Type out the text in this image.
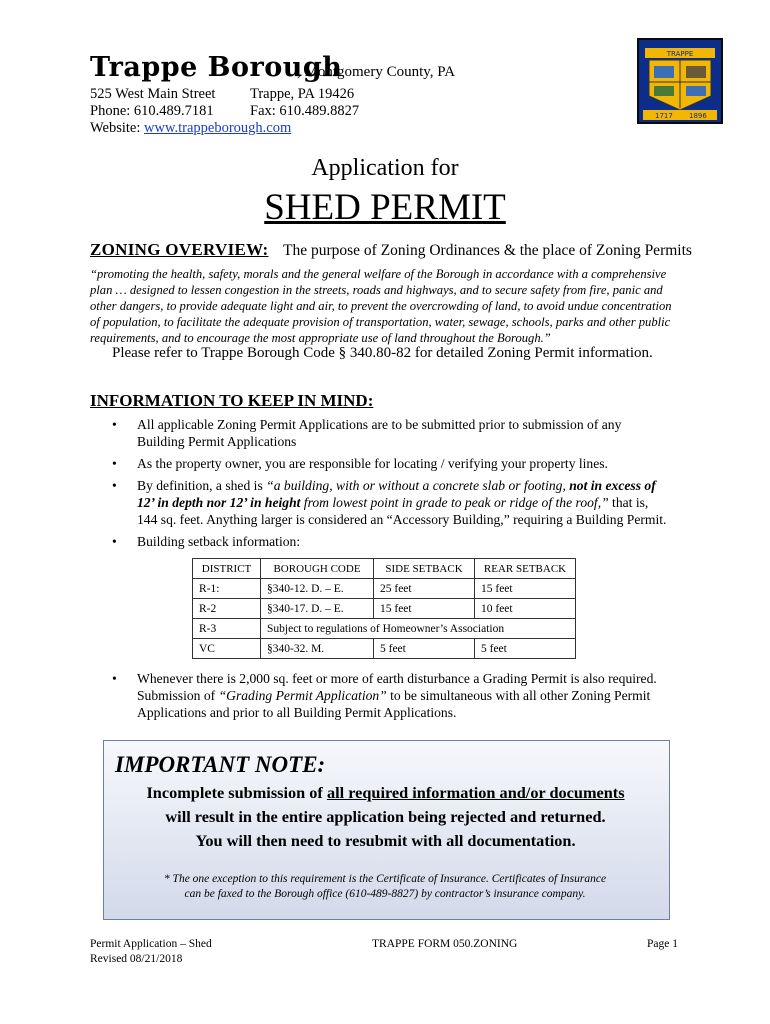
Trappe Borough
, Montgomery County, PA
525 West Main Street Trappe, PA 19426
Phone: 610.489.7181	Fax: 610.489.8827
Website: www.trappeborough.com
TRAPPE
1717 1896
Application for
SHED PERMIT
ZONING OVERVIEW: The purpose of Zoning Ordinances & the place of Zoning Permits
“promoting the health, safety, morals and the general welfare of the Borough in accordance with a comprehensive
plan … designed to lessen congestion in the streets, roads and highways, and to secure safety from fire, panic and
other dangers, to provide adequate light and air, to prevent the overcrowding of land, to avoid undue concentration
of population, to facilitate the adequate provision of transportation, water, sewage, schools, parks and other public
requirements, and to encourage the most appropriate use of land throughout the Borough.”
Please refer to Trappe Borough Code § 340.80-82 for detailed Zoning Permit information.
INFORMATION TO KEEP IN MIND:
• All applicable Zoning Permit Applications are to be submitted prior to submission of any
Building Permit Applications
• As the property owner, you are responsible for locating / verifying your property lines.
• By definition, a shed is “a building, with or without a concrete slab or footing, not in excess of
12’ in depth nor 12’ in height from lowest point in grade to peak or ridge of the roof,” that is,
144 sq. feet. Anything larger is considered an “Accessory Building,” requiring a Building Permit.
• Building setback information:
DISTRICT	BOROUGH CODE	SIDE SETBACK	REAR SETBACK
R-1:	§340-12. D. – E.	25 feet	15 feet
R-2	§340-17. D. – E.	15 feet	10 feet
R-3	Subject to regulations of Homeowner’s Association		
VC	§340-32. M.	5 feet	5 feet
• Whenever there is 2,000 sq. feet or more of earth disturbance a Grading Permit is also required.
Submission of “Grading Permit Application” to be simultaneous with all other Zoning Permit
Applications and prior to all Building Permit Applications.
IMPORTANT NOTE:
Incomplete submission of all required information and/or documents
will result in the entire application being rejected and returned.
You will then need to resubmit with all documentation.
* The one exception to this requirement is the Certificate of Insurance. Certificates of Insurance
can be faxed to the Borough office (610-489-8827) by contractor’s insurance company.
Permit Application – Shed
Revised 08/21/2018
TRAPPE FORM 050.ZONING	Page 1
